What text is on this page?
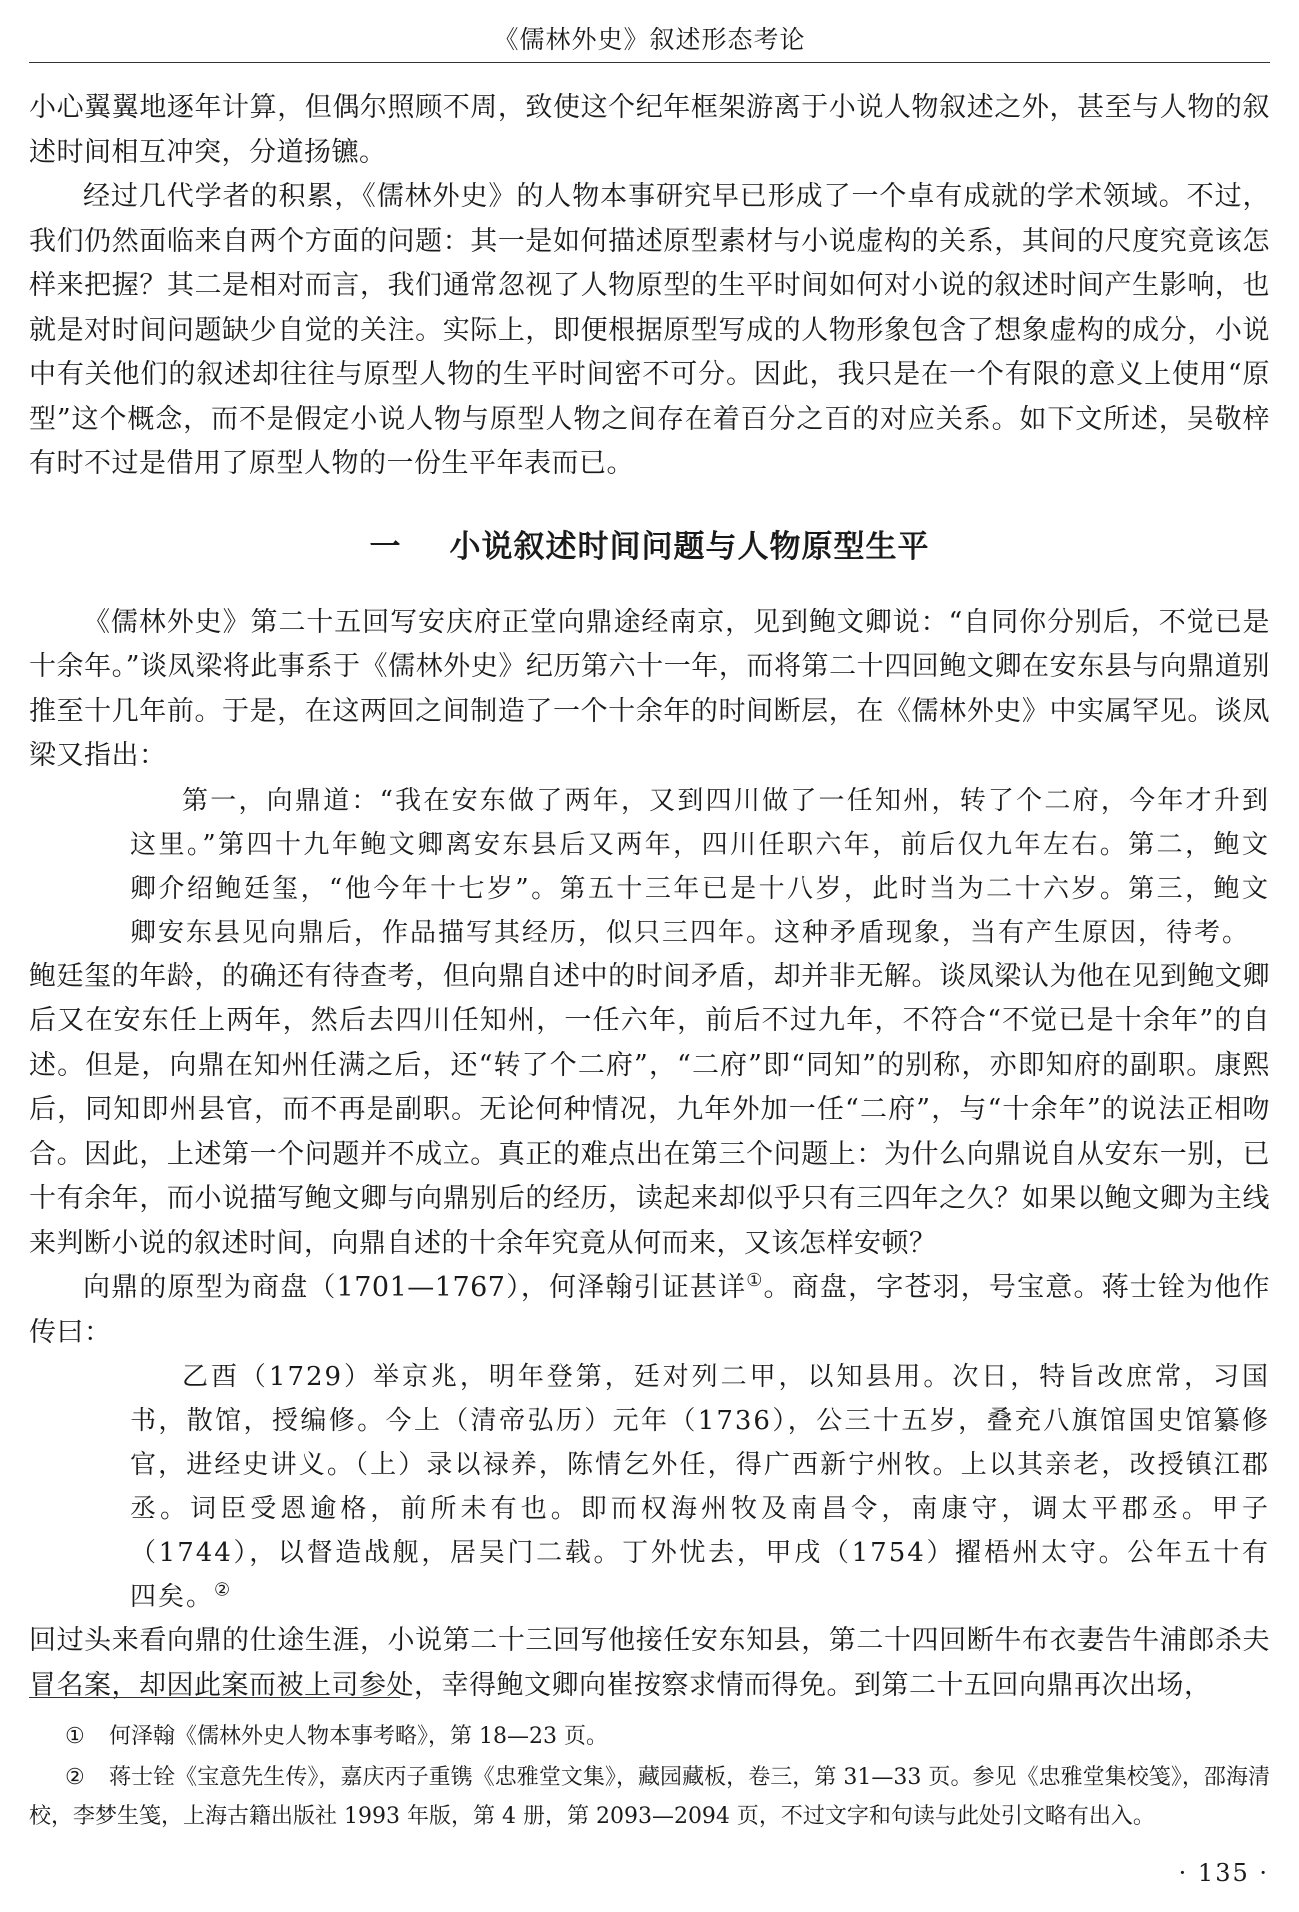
《儒林外史》叙述形态考论

小心翼翼地逐年计算，但偶尔照顾不周，致使这个纪年框架游离于小说人物叙述之外，甚至与人物的叙述时间相互冲突，分道扬镳。

经过几代学者的积累，《儒林外史》的人物本事研究早已形成了一个卓有成就的学术领域。不过，我们仍然面临来自两个方面的问题：其一是如何描述原型素材与小说虚构的关系，其间的尺度究竟该怎样来把握？其二是相对而言，我们通常忽视了人物原型的生平时间如何对小说的叙述时间产生影响，也就是对时间问题缺少自觉的关注。实际上，即便根据原型写成的人物形象包含了想象虚构的成分，小说中有关他们的叙述却往往与原型人物的生平时间密不可分。因此，我只是在一个有限的意义上使用“原型”这个概念，而不是假定小说人物与原型人物之间存在着百分之百的对应关系。如下文所述，吴敬梓有时不过是借用了原型人物的一份生平年表而已。

一 小说叙述时间问题与人物原型生平

《儒林外史》第二十五回写安庆府正堂向鼎途经南京，见到鲍文卿说：“自同你分别后，不觉已是十余年。”谈凤梁将此事系于《儒林外史》纪历第六十一年，而将第二十四回鲍文卿在安东县与向鼎道别推至十几年前。于是，在这两回之间制造了一个十余年的时间断层，在《儒林外史》中实属罕见。谈凤梁又指出：

第一，向鼎道：“我在安东做了两年，又到四川做了一任知州，转了个二府，今年才升到这里。”第四十九年鲍文卿离安东县后又两年，四川任职六年，前后仅九年左右。第二，鲍文卿介绍鲍廷玺，“他今年十七岁”。第五十三年已是十八岁，此时当为二十六岁。第三，鲍文卿安东县见向鼎后，作品描写其经历，似只三四年。这种矛盾现象，当有产生原因，待考。

鲍廷玺的年龄，的确还有待查考，但向鼎自述中的时间矛盾，却并非无解。谈凤梁认为他在见到鲍文卿后又在安东任上两年，然后去四川任知州，一任六年，前后不过九年，不符合“不觉已是十余年”的自述。但是，向鼎在知州任满之后，还“转了个二府”，“二府”即“同知”的别称，亦即知府的副职。康熙后，同知即州县官，而不再是副职。无论何种情况，九年外加一任“二府”，与“十余年”的说法正相吻合。因此，上述第一个问题并不成立。真正的难点出在第三个问题上：为什么向鼎说自从安东一别，已十有余年，而小说描写鲍文卿与向鼎别后的经历，读起来却似乎只有三四年之久？如果以鲍文卿为主线来判断小说的叙述时间，向鼎自述的十余年究竟从何而来，又该怎样安顿？

向鼎的原型为商盘（1701—1767），何泽翰引证甚详①。商盘，字苍羽，号宝意。蒋士铨为他作传曰：

乙酉（1729）举京兆，明年登第，廷对列二甲，以知县用。次日，特旨改庶常，习国书，散馆，授编修。今上（清帝弘历）元年（1736），公三十五岁，叠充八旗馆国史馆纂修官，进经史讲义。（上）录以禄养，陈情乞外任，得广西新宁州牧。上以其亲老，改授镇江郡丞。词臣受恩逾格，前所未有也。即而权海州牧及南昌令，南康守，调太平郡丞。甲子（1744），以督造战舰，居吴门二载。丁外忧去，甲戌（1754）擢梧州太守。公年五十有四矣。②

回过头来看向鼎的仕途生涯，小说第二十三回写他接任安东知县，第二十四回断牛布衣妻告牛浦郎杀夫冒名案，却因此案而被上司参处，幸得鲍文卿向崔按察求情而得免。到第二十五回向鼎再次出场，

① 何泽翰《儒林外史人物本事考略》，第 18—23 页。

② 蒋士铨《宝意先生传》，嘉庆丙子重镌《忠雅堂文集》，藏园藏板，卷三，第 31—33 页。参见《忠雅堂集校笺》，邵海清校，李梦生笺，上海古籍出版社 1993 年版，第 4 册，第 2093—2094 页，不过文字和句读与此处引文略有出入。

· 135 ·
